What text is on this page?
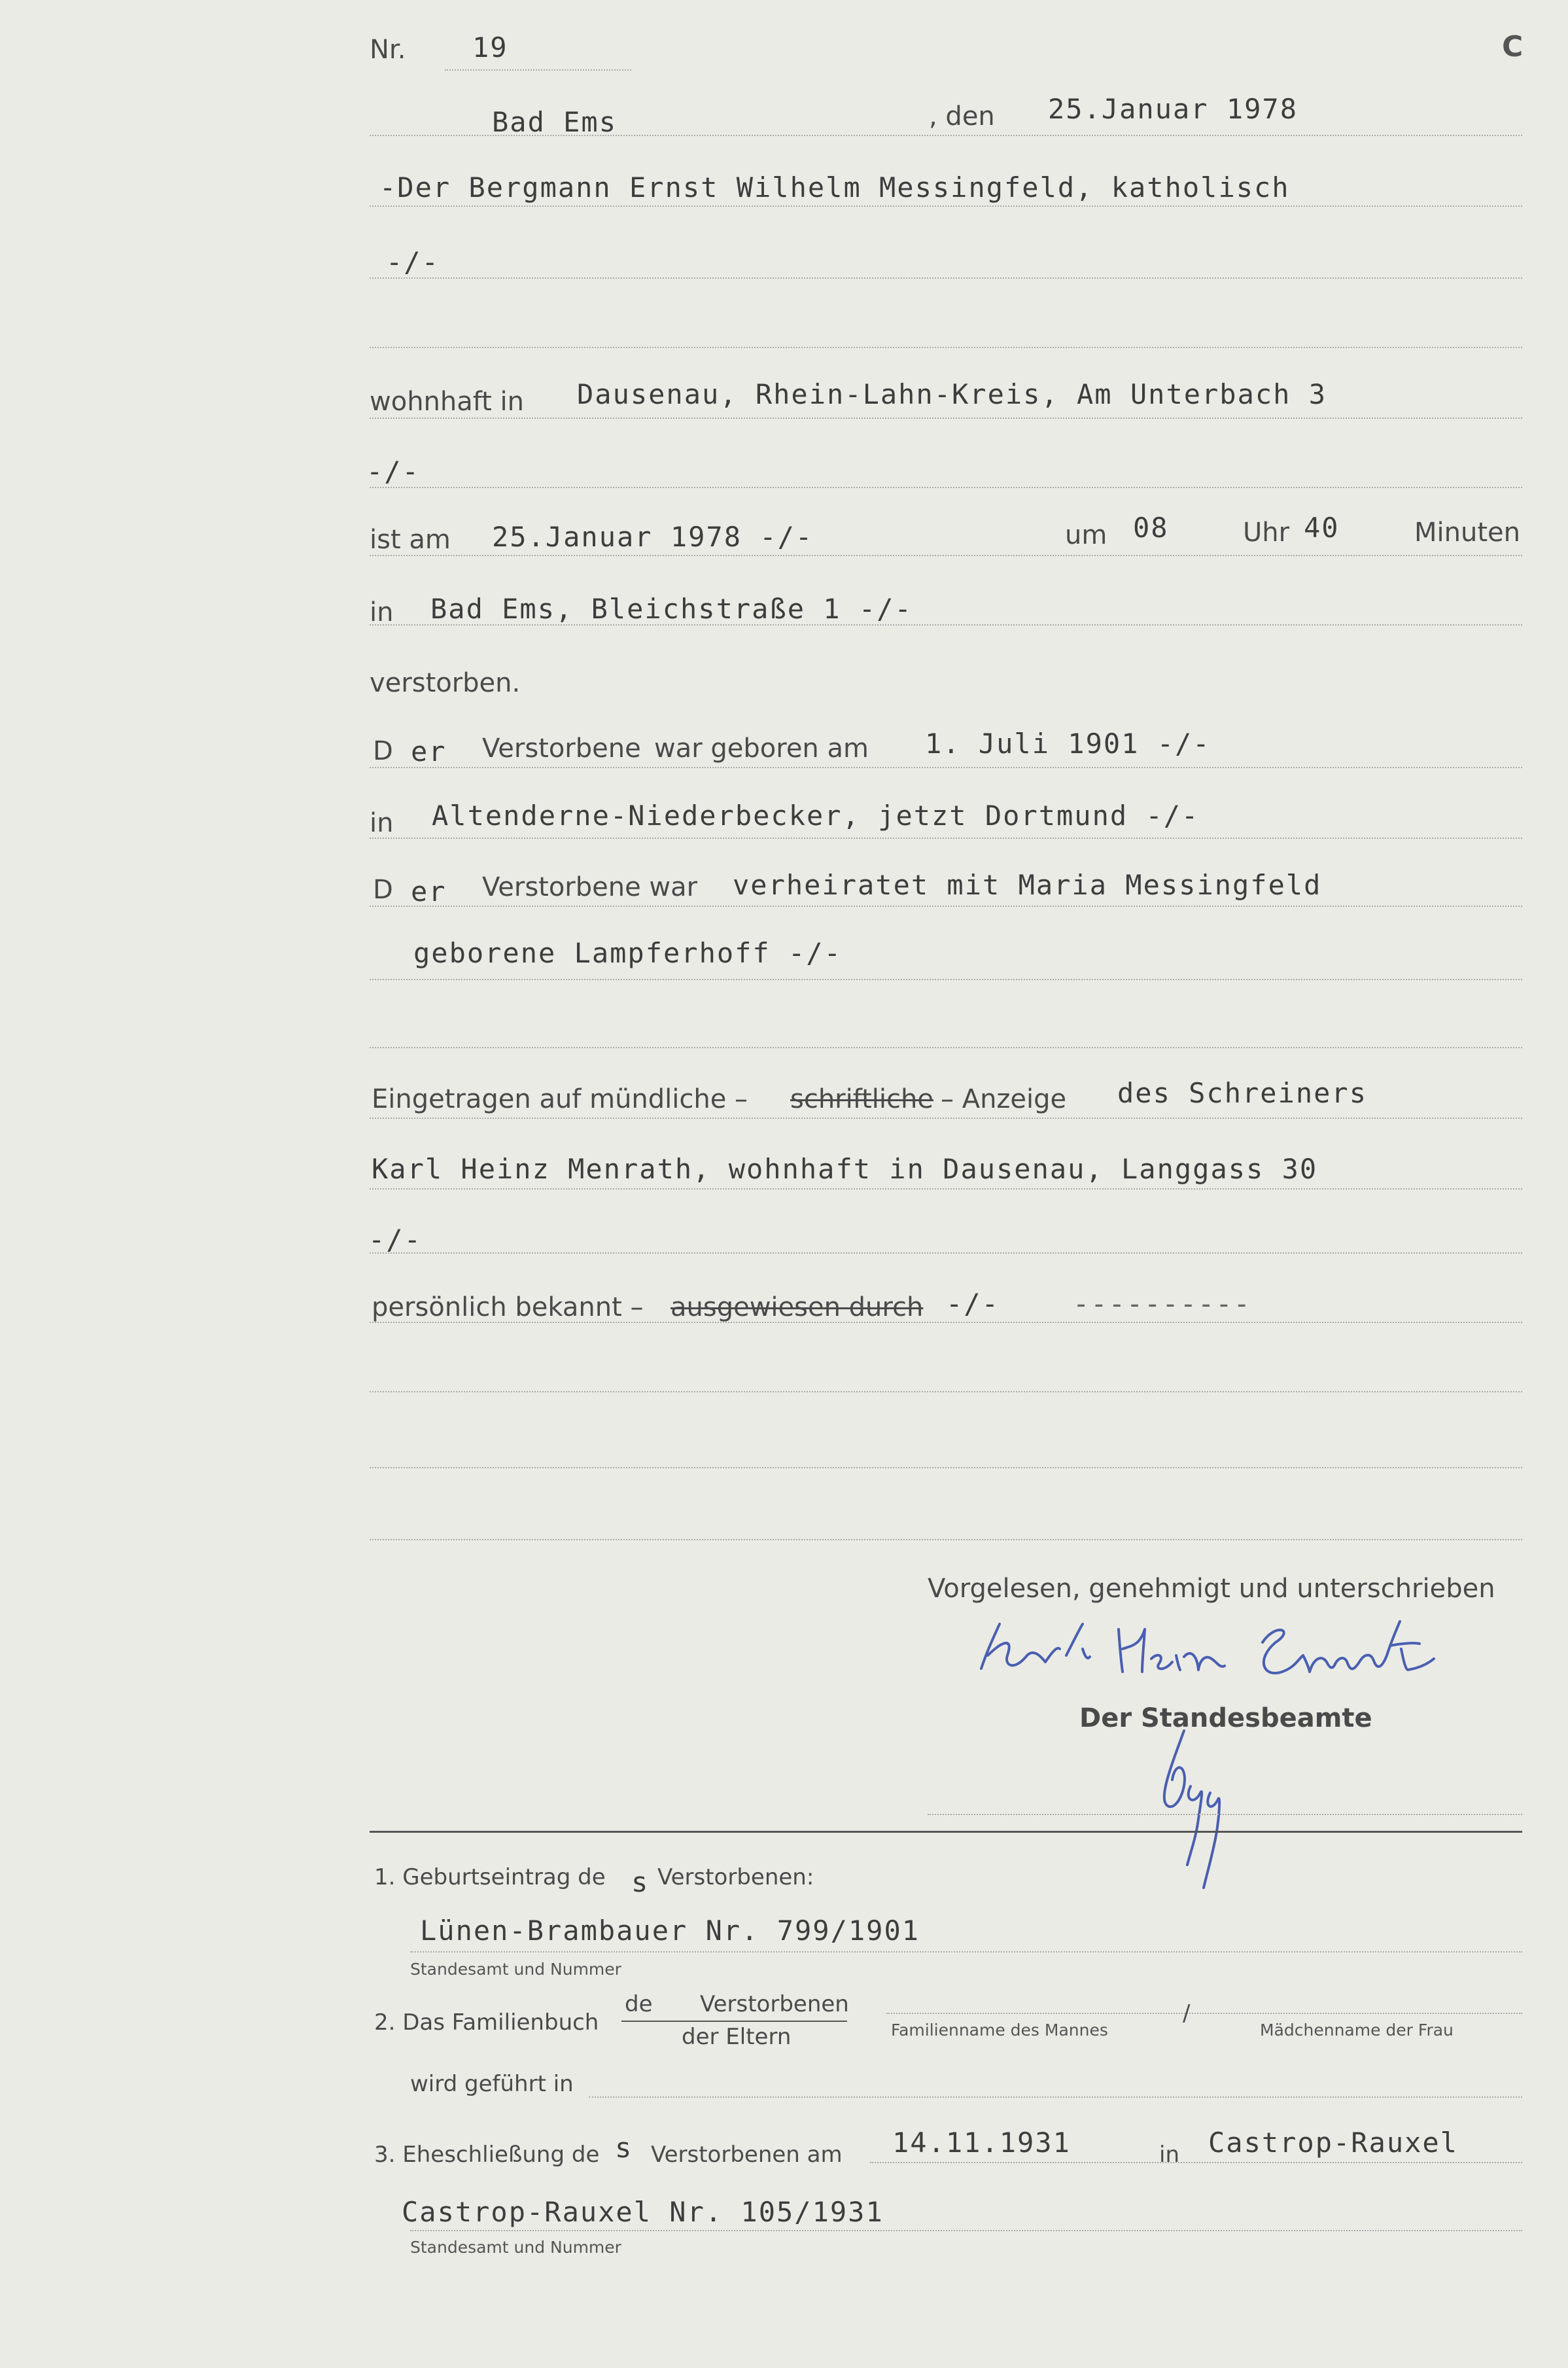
C
Nr. 19
Bad Ems	, den 25.Januar 1978
-Der Bergmann Ernst Wilhelm Messingfeld, katholisch
-/-
wohnhaft in Dausenau, Rhein-Lahn-Kreis, Am Unterbach 3
-/-
ist am 25.Januar 1978 -/-	um 08	Uhr 40	Minuten
in Bad Ems, Bleichstraße 1 -/-
verstorben.
D er Verstorbene war geboren am 1. Juli 1901 -/-
in Altenderne-Niederbecker, jetzt Dortmund -/-
D er Verstorbene war verheiratet mit Maria Messingfeld
geborene Lampferhoff -/-
Eingetragen auf mündliche – schriftliche – Anzeige des Schreiners
Karl Heinz Menrath, wohnhaft in Dausenau, Langgass 30
-/-
persönlich bekannt – ausgewiesen durch -/-	----------
Vorgelesen, genehmigt und unterschrieben
Der Standesbeamte
1. Geburtseintrag de s Verstorbenen:
Lünen-Brambauer Nr. 799/1901
Standesamt und Nummer
2. Das Familienbuch
de Verstorbenen
der Eltern	Familienname des Mannes
/
Mädchenname der Frau
wird geführt in
3. Eheschließung de s Verstorbenen am 14.11.1931	in Castrop-Rauxel
Castrop-Rauxel Nr. 105/1931
Standesamt und Nummer
